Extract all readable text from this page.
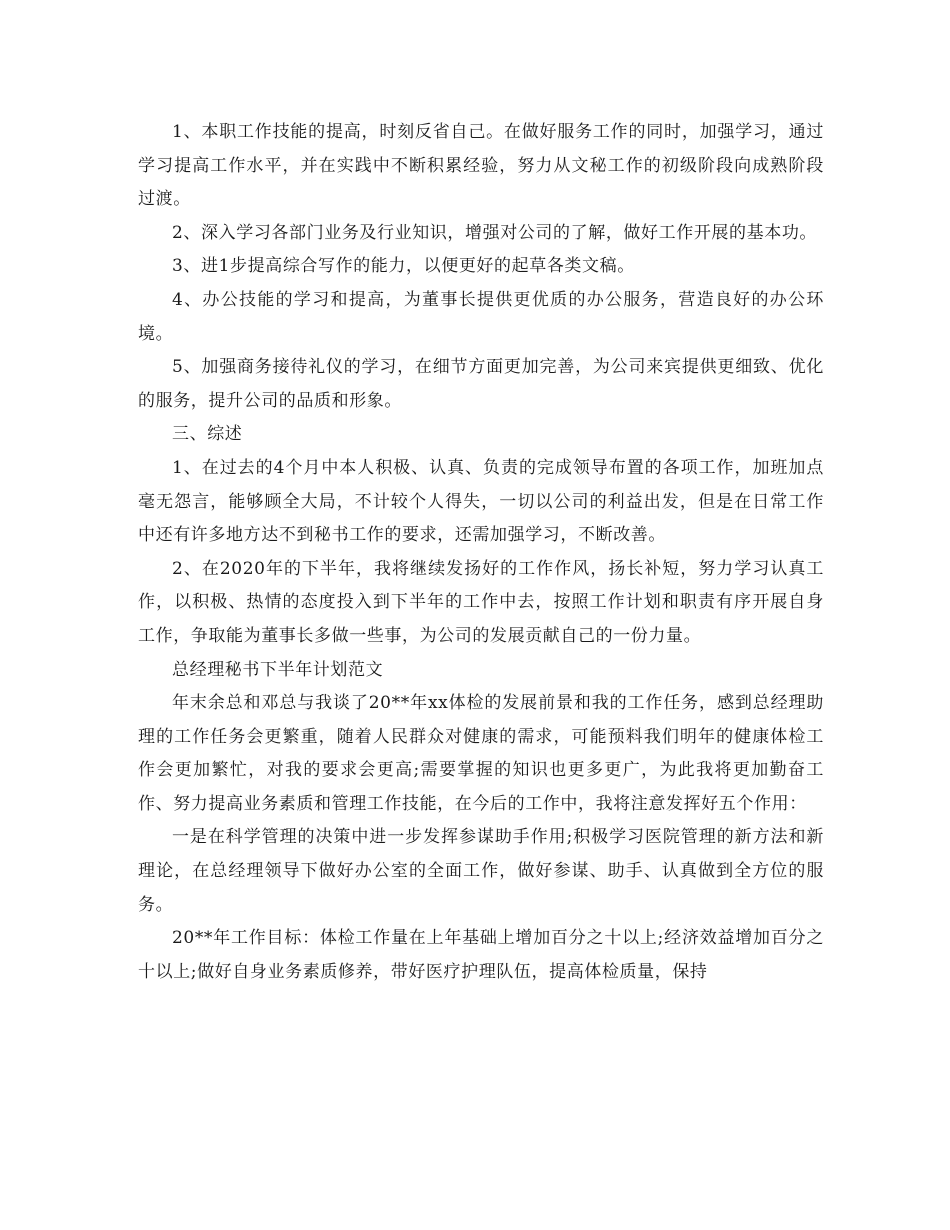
1、本职工作技能的提高，时刻反省自己。在做好服务工作的同时，加强学习，通过学习提高工作水平，并在实践中不断积累经验，努力从文秘工作的初级阶段向成熟阶段过渡。

2、深入学习各部门业务及行业知识，增强对公司的了解，做好工作开展的基本功。

3、进1步提高综合写作的能力，以便更好的起草各类文稿。

4、办公技能的学习和提高，为董事长提供更优质的办公服务，营造良好的办公环境。

5、加强商务接待礼仪的学习，在细节方面更加完善，为公司来宾提供更细致、优化的服务，提升公司的品质和形象。

三、综述

1、在过去的4个月中本人积极、认真、负责的完成领导布置的各项工作，加班加点毫无怨言，能够顾全大局，不计较个人得失，一切以公司的利益出发，但是在日常工作中还有许多地方达不到秘书工作的要求，还需加强学习，不断改善。

2、在2020年的下半年，我将继续发扬好的工作作风，扬长补短，努力学习认真工作，以积极、热情的态度投入到下半年的工作中去，按照工作计划和职责有序开展自身工作，争取能为董事长多做一些事，为公司的发展贡献自己的一份力量。

总经理秘书下半年计划范文

年末余总和邓总与我谈了20**年xx体检的发展前景和我的工作任务，感到总经理助理的工作任务会更繁重，随着人民群众对健康的需求，可能预料我们明年的健康体检工作会更加繁忙，对我的要求会更高;需要掌握的知识也更多更广，为此我将更加勤奋工作、努力提高业务素质和管理工作技能，在今后的工作中，我将注意发挥好五个作用：

一是在科学管理的决策中进一步发挥参谋助手作用;积极学习医院管理的新方法和新理论，在总经理领导下做好办公室的全面工作，做好参谋、助手、认真做到全方位的服务。

20**年工作目标：体检工作量在上年基础上增加百分之十以上;经济效益增加百分之十以上;做好自身业务素质修养，带好医疗护理队伍，提高体检质量，保持
